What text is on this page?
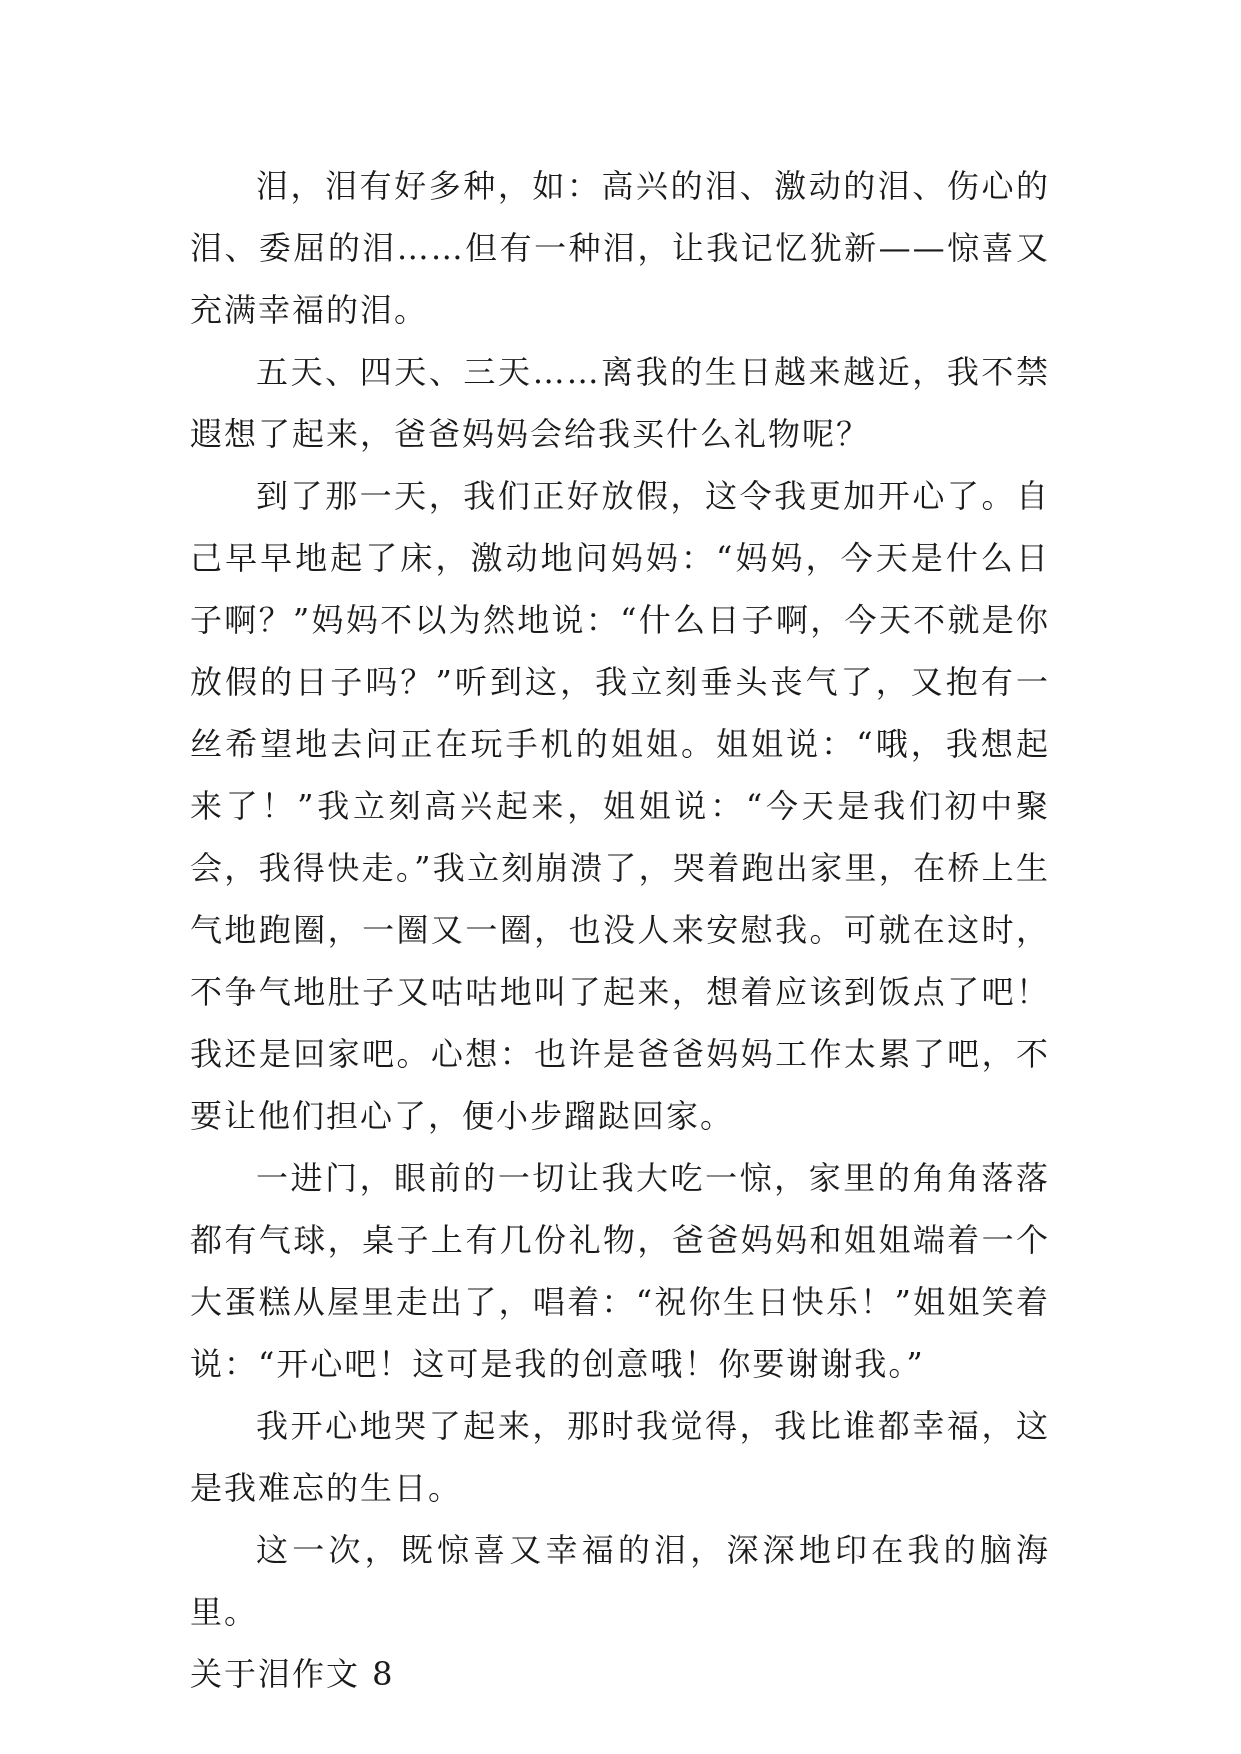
泪，泪有好多种，如：高兴的泪、激动的泪、伤心的泪、委屈的泪……但有一种泪，让我记忆犹新——惊喜又充满幸福的泪。

五天、四天、三天……离我的生日越来越近，我不禁遐想了起来，爸爸妈妈会给我买什么礼物呢？

到了那一天，我们正好放假，这令我更加开心了。自己早早地起了床，激动地问妈妈：“妈妈，今天是什么日子啊？”妈妈不以为然地说：“什么日子啊，今天不就是你放假的日子吗？”听到这，我立刻垂头丧气了，又抱有一丝希望地去问正在玩手机的姐姐。姐姐说：“哦，我想起来了！”我立刻高兴起来，姐姐说：“今天是我们初中聚会，我得快走。”我立刻崩溃了，哭着跑出家里，在桥上生气地跑圈，一圈又一圈，也没人来安慰我。可就在这时，不争气地肚子又咕咕地叫了起来，想着应该到饭点了吧！我还是回家吧。心想：也许是爸爸妈妈工作太累了吧，不要让他们担心了，便小步蹓跶回家。

一进门，眼前的一切让我大吃一惊，家里的角角落落都有气球，桌子上有几份礼物，爸爸妈妈和姐姐端着一个大蛋糕从屋里走出了，唱着：“祝你生日快乐！”姐姐笑着说：“开心吧！这可是我的创意哦！你要谢谢我。”

我开心地哭了起来，那时我觉得，我比谁都幸福，这是我难忘的生日。

这一次，既惊喜又幸福的泪，深深地印在我的脑海里。

关于泪作文 8
